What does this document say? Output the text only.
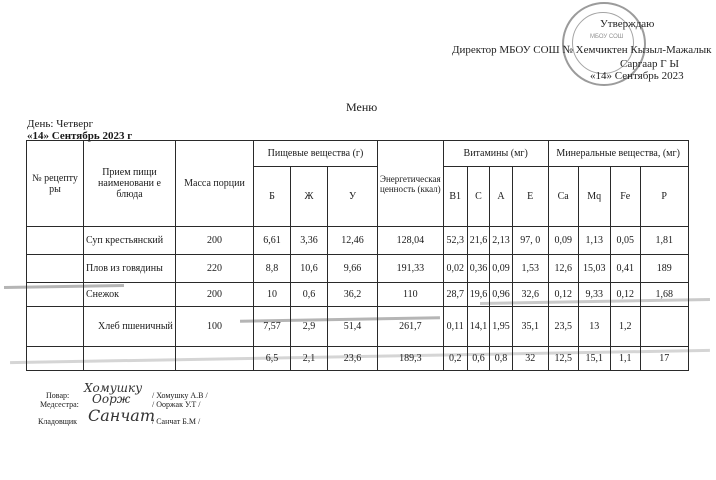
МБОУ СОШ
Утверждаю
Директор МБОУ СОШ № Хемчиктен Кызыл-Мажалык
Саргаар Г Ы
«14» Сентябрь 2023
Меню
День: Четверг
«14» Сентябрь 2023 г
№ рецепту ры	Прием пищи наименовани е блюда	Масса порции	Пищевые вещества (г)			Энергетическая ценность (ккал)	Витамины (мг)				Минеральные вещества, (мг)			
			Б	Ж	У		B1	C	A	E	Ca	Mq	Fe	P
	Суп крестьянский	200	6,61	3,36	12,46	128,04	52,3	21,6	2,13	97, 0	0,09	1,13	0,05	1,81
	Плов из говядины	220	8,8	10,6	9,66	191,33	0,02	0,36	0,09	1,53	12,6	15,03	0,41	189
	Снежок	200	10	0,6	36,2	110	28,7	19,6	0,96	32,6	0,12	9,33	0,12	1,68
	Хлеб пшеничный	100	7,57	2,9	51,4	261,7	0,11	14,1	1,95	35,1	23,5	13	1,2	
			6,5	2,1	23,6	189,3	0,2	0,6	0,8	32	12,5	15,1	1,1	17
Повар:
Хомушку
/ Хомушку А.В /
Медсестра: Оорж	/ Ооржак У.Т /
Кладовщик Санчат
/ Санчат Б.М /
